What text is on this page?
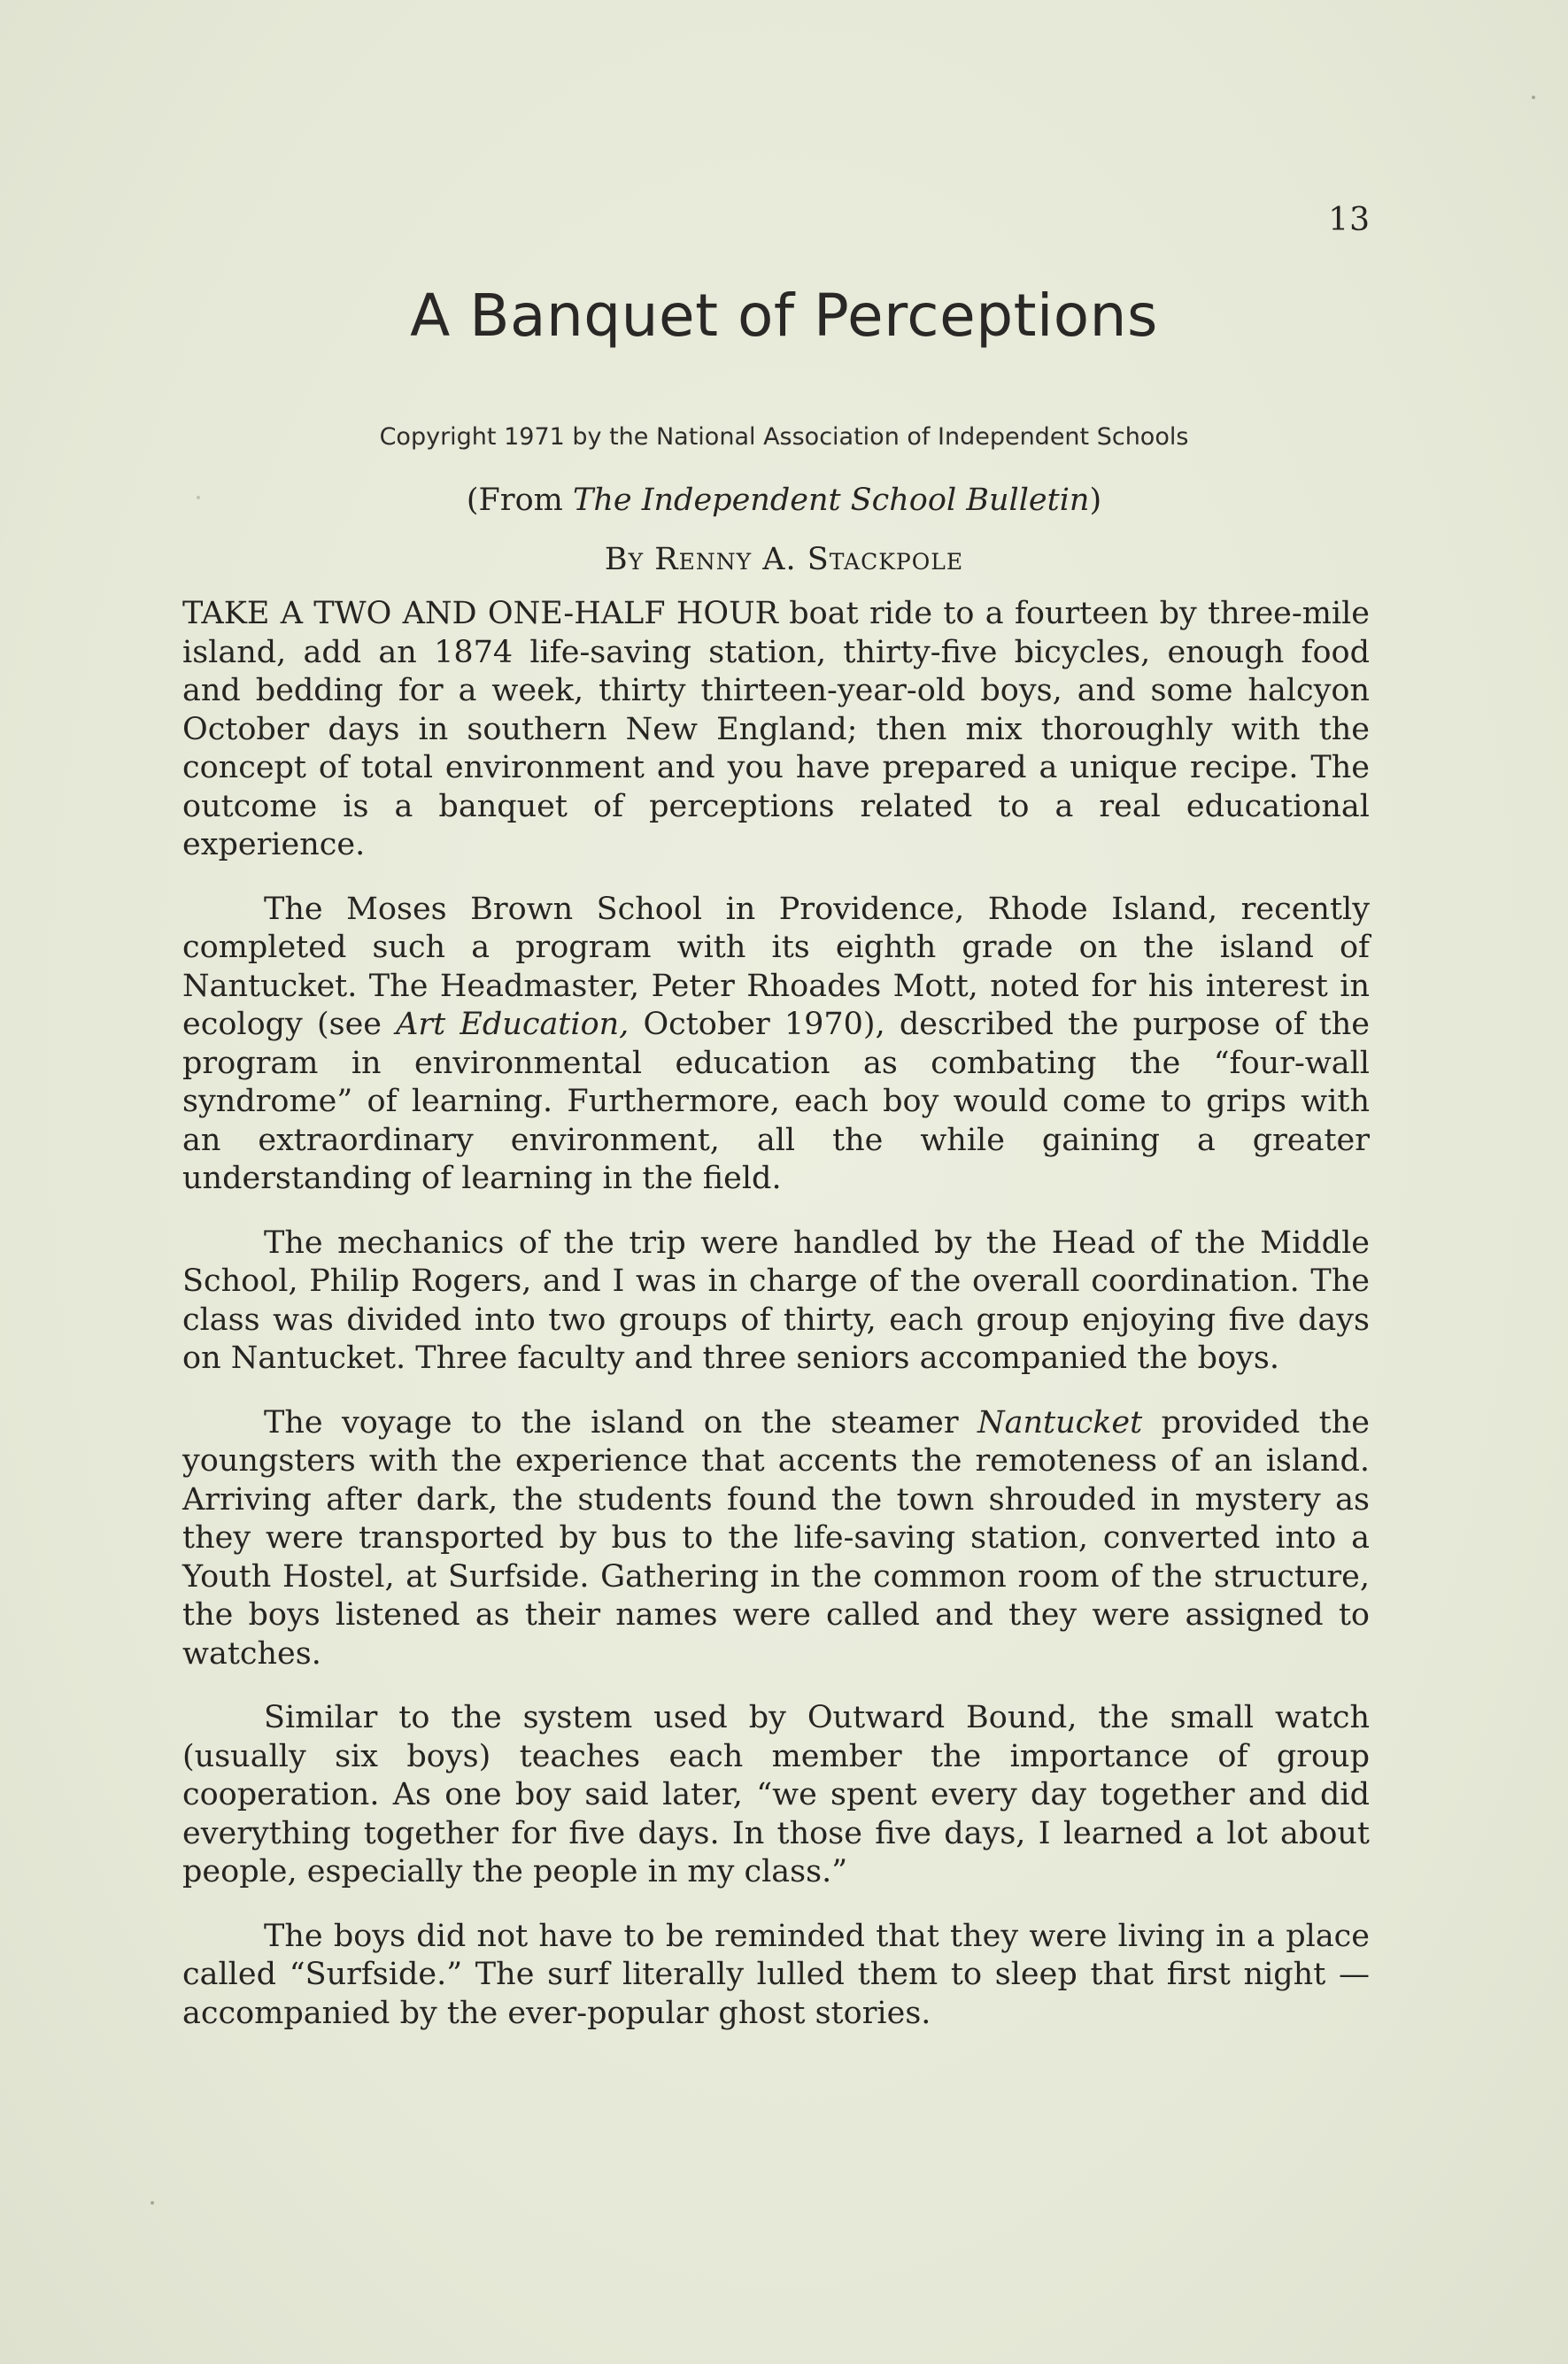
13
A Banquet of Perceptions
Copyright 1971 by the National Association of Independent Schools
(From The Independent School Bulletin)
By Renny A. Stackpole

TAKE A TWO AND ONE-HALF HOUR boat ride to a fourteen by three-mile island, add an 1874 life-saving station, thirty-five bicycles, enough food and bedding for a week, thirty thirteen-year-old boys, and some halcyon October days in southern New England; then mix thoroughly with the concept of total environment and you have prepared a unique recipe. The outcome is a banquet of perceptions related to a real educational experience.

The Moses Brown School in Providence, Rhode Island, recently completed such a program with its eighth grade on the island of Nantucket. The Headmaster, Peter Rhoades Mott, noted for his interest in ecology (see Art Education, October 1970), described the purpose of the program in environmental education as combating the “four-wall syndrome” of learning. Furthermore, each boy would come to grips with an extraordinary environment, all the while gaining a greater understanding of learning in the field.

The mechanics of the trip were handled by the Head of the Middle School, Philip Rogers, and I was in charge of the overall coordination. The class was divided into two groups of thirty, each group enjoying five days on Nantucket. Three faculty and three seniors accompanied the boys.

The voyage to the island on the steamer Nantucket provided the youngsters with the experience that accents the remoteness of an island. Arriving after dark, the students found the town shrouded in mystery as they were transported by bus to the life-saving station, converted into a Youth Hostel, at Surfside. Gathering in the common room of the structure, the boys listened as their names were called and they were assigned to watches.

Similar to the system used by Outward Bound, the small watch (usually six boys) teaches each member the importance of group cooperation. As one boy said later, “we spent every day together and did everything together for five days. In those five days, I learned a lot about people, especially the people in my class.”

The boys did not have to be reminded that they were living in a place called “Surfside.” The surf literally lulled them to sleep that first night — accompanied by the ever-popular ghost stories.
